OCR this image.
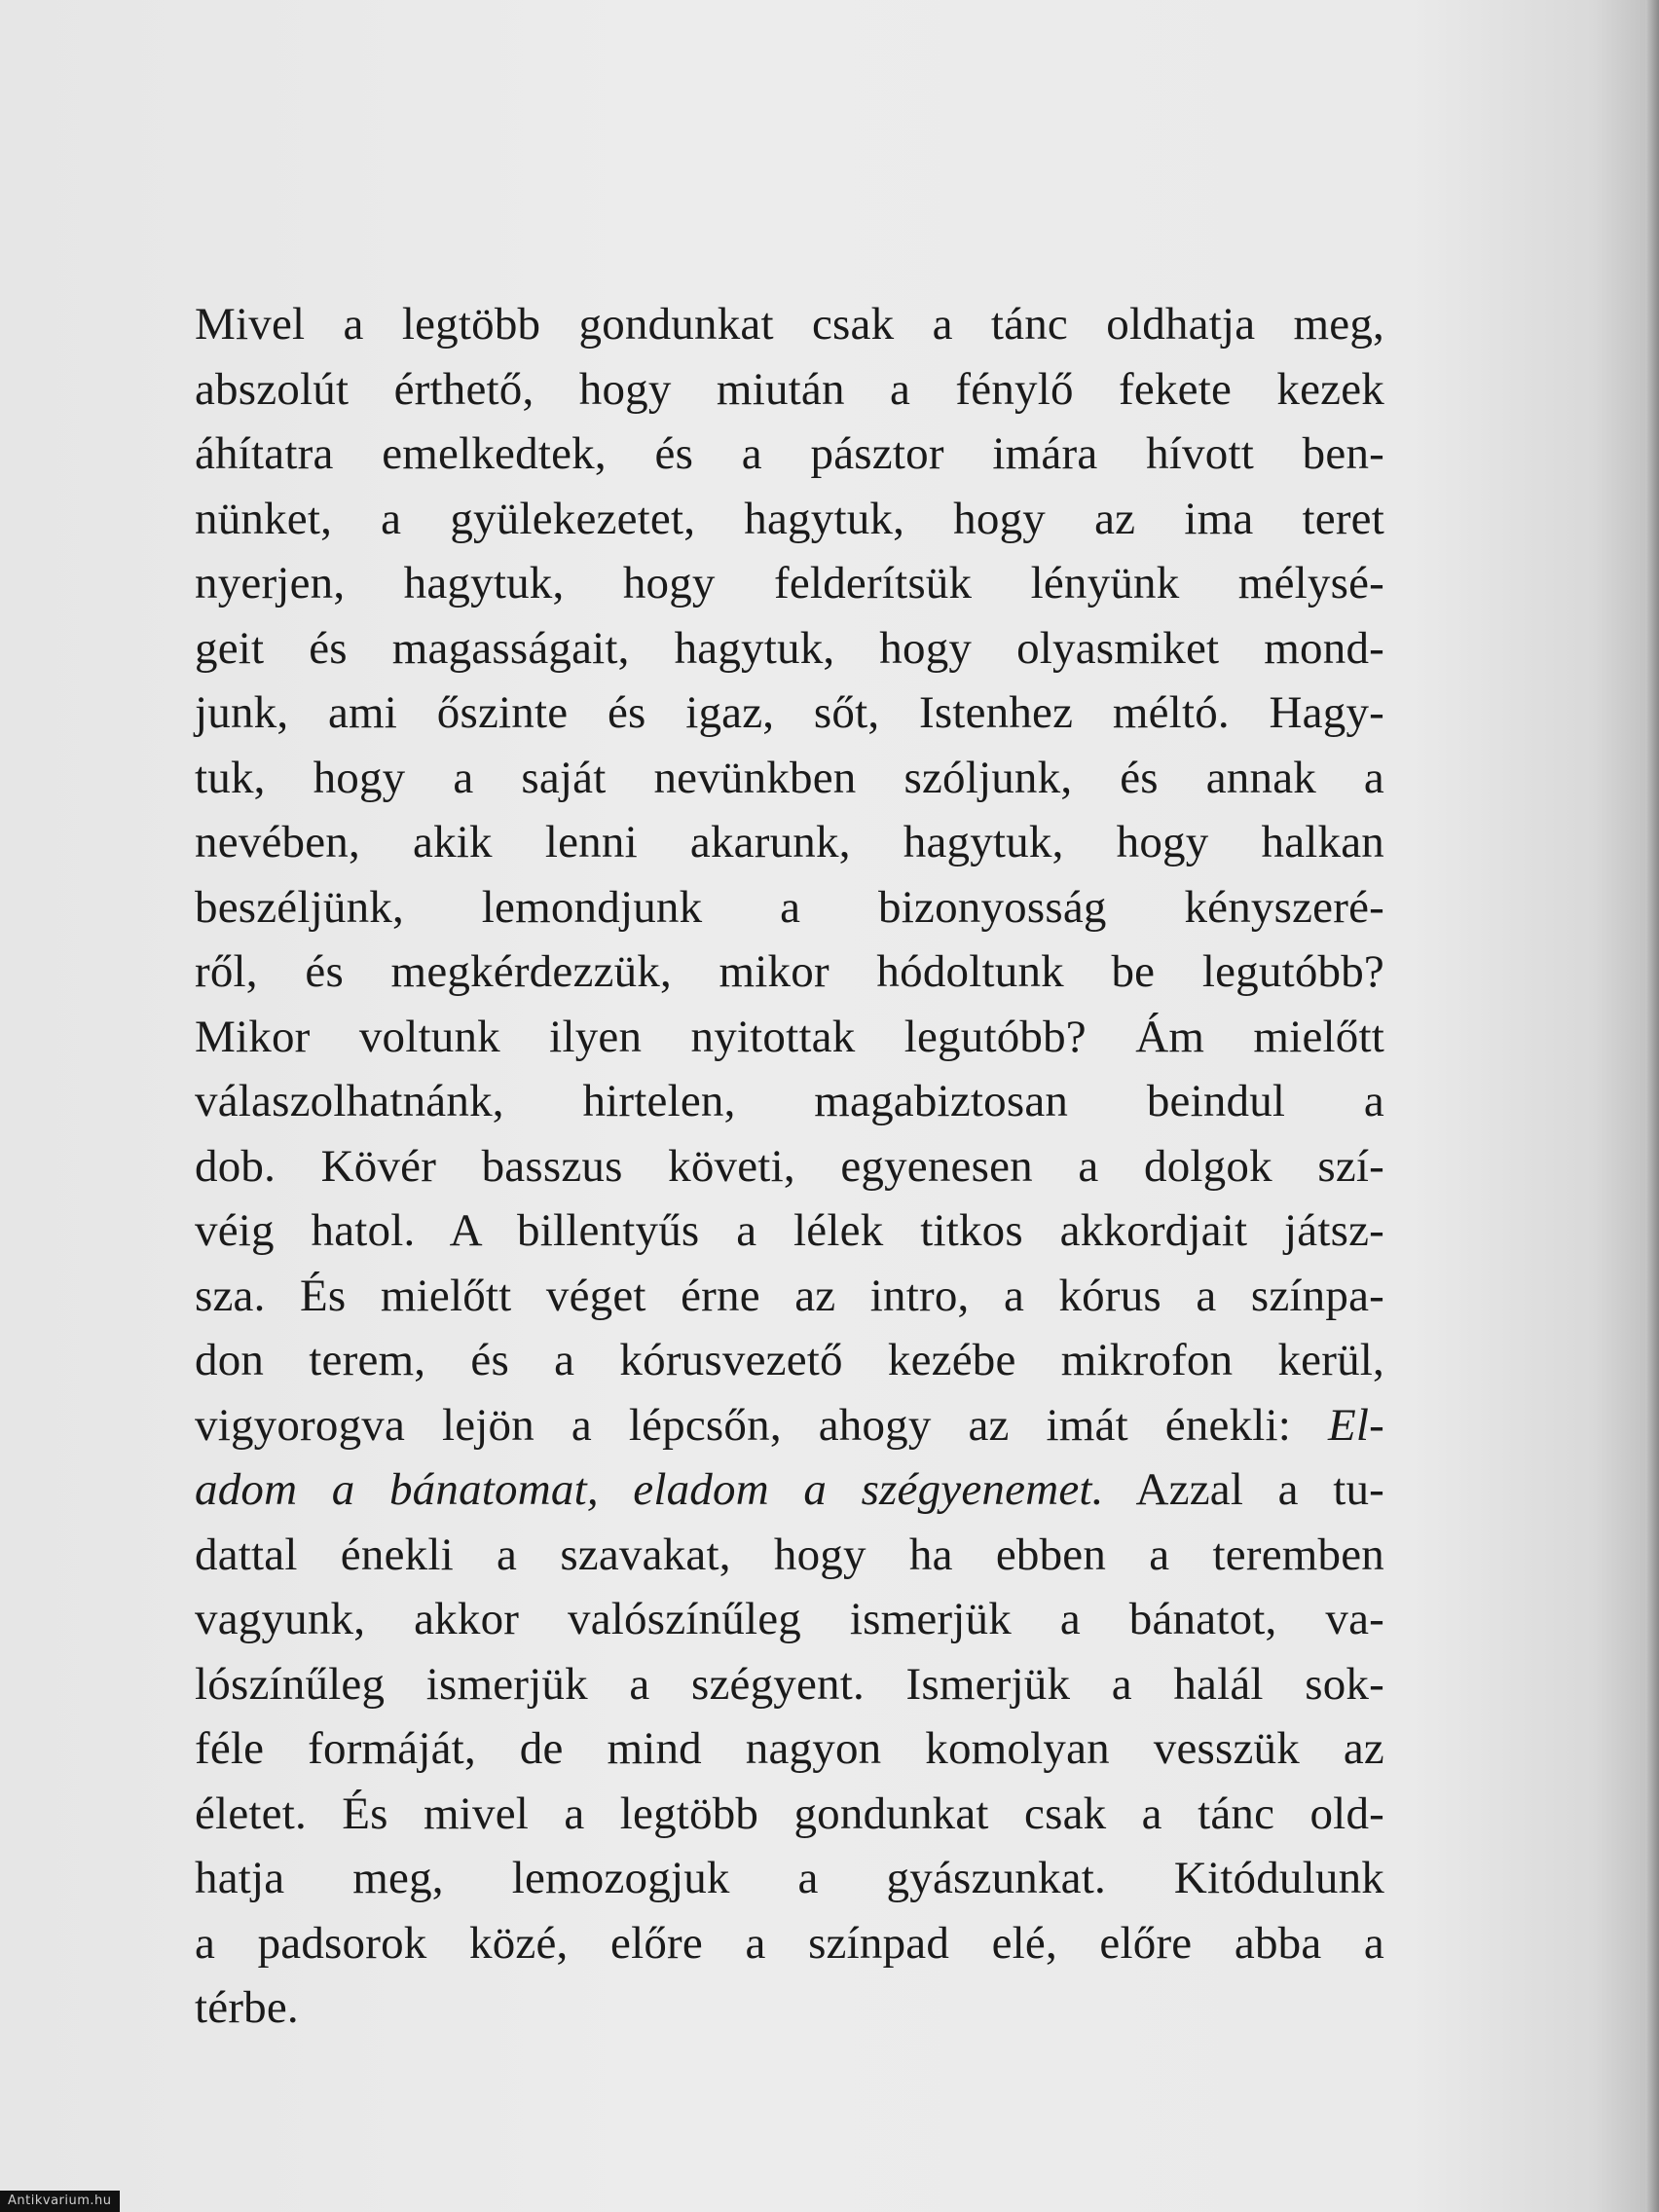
Mivel a legtöbb gondunkat csak a tánc oldhatja meg,
abszolút érthető, hogy miután a fénylő fekete kezek
áhítatra emelkedtek, és a pásztor imára hívott ben-
nünket, a gyülekezetet, hagytuk, hogy az ima teret
nyerjen, hagytuk, hogy felderítsük lényünk mélysé-
geit és magasságait, hagytuk, hogy olyasmiket mond-
junk, ami őszinte és igaz, sőt, Istenhez méltó. Hagy-
tuk, hogy a saját nevünkben szóljunk, és annak a
nevében, akik lenni akarunk, hagytuk, hogy halkan
beszéljünk, lemondjunk a bizonyosság kényszeré-
ről, és megkérdezzük, mikor hódoltunk be legutóbb?
Mikor voltunk ilyen nyitottak legutóbb? Ám mielőtt
válaszolhatnánk, hirtelen, magabiztosan beindul a
dob. Kövér basszus követi, egyenesen a dolgok szí-
véig hatol. A billentyűs a lélek titkos akkordjait játsz-
sza. És mielőtt véget érne az intro, a kórus a színpa-
don terem, és a kórusvezető kezébe mikrofon kerül,
vigyorogva lejön a lépcsőn, ahogy az imát énekli: El-
adom a bánatomat, eladom a szégyenemet. Azzal a tu-
dattal énekli a szavakat, hogy ha ebben a teremben
vagyunk, akkor valószínűleg ismerjük a bánatot, va-
lószínűleg ismerjük a szégyent. Ismerjük a halál sok-
féle formáját, de mind nagyon komolyan vesszük az
életet. És mivel a legtöbb gondunkat csak a tánc old-
hatja meg, lemozogjuk a gyászunkat. Kitódulunk
a padsorok közé, előre a színpad elé, előre abba a
térbe.
Antikvarium.hu
